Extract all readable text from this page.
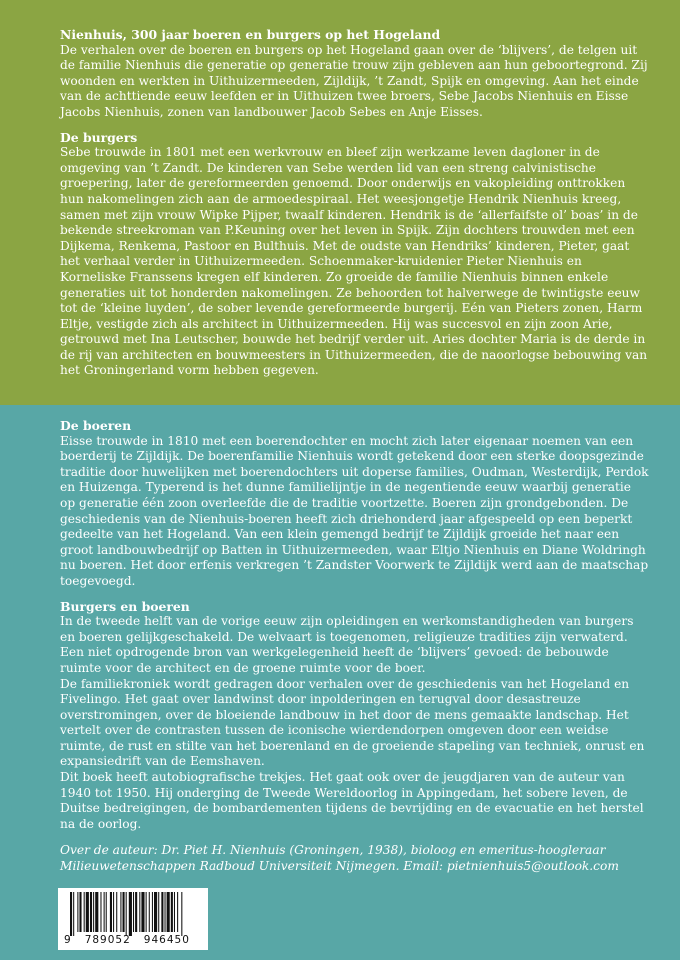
Nienhuis, 300 jaar boeren en burgers op het Hogeland

De verhalen over de boeren en burgers op het Hogeland gaan over de ‘blijvers’, de telgen uit de familie Nienhuis die generatie op generatie trouw zijn gebleven aan hun geboortegrond. Zij woonden en werkten in Uithuizermeeden, Zijldijk, ’t Zandt, Spijk en omgeving. Aan het einde van de achttiende eeuw leefden er in Uithuizen twee broers, Sebe Jacobs Nienhuis en Eisse Jacobs Nienhuis, zonen van landbouwer Jacob Sebes en Anje Eisses.

De burgers

Sebe trouwde in 1801 met een werkvrouw en bleef zijn werkzame leven dagloner in de omgeving van ’t Zandt. De kinderen van Sebe werden lid van een streng calvinistische groepering, later de gereformeerden genoemd. Door onderwijs en vakopleiding onttrokken hun nakomelingen zich aan de armoedespiraal. Het weesjongetje Hendrik Nienhuis kreeg, samen met zijn vrouw Wipke Pijper, twaalf kinderen. Hendrik is de ‘allerfaifste ol’ boas’ in de bekende streekroman van P.Keuning over het leven in Spijk. Zijn dochters trouwden met een Dijkema, Renkema, Pastoor en Bulthuis. Met de oudste van Hendriks’ kinderen, Pieter, gaat het verhaal verder in Uithuizermeeden. Schoenmaker-kruidenier Pieter Nienhuis en Korneliske Franssens kregen elf kinderen. Zo groeide de familie Nienhuis binnen enkele generaties uit tot honderden nakomelingen. Ze behoorden tot halverwege de twintigste eeuw tot de ‘kleine luyden’, de sober levende gereformeerde burgerij. Eén van Pieters zonen, Harm Eltje, vestigde zich als architect in Uithuizermeeden. Hij was succesvol en zijn zoon Arie, getrouwd met Ina Leutscher, bouwde het bedrijf verder uit. Aries dochter Maria is de derde in de rij van architecten en bouwmeesters in Uithuizermeeden, die de naoorlogse bebouwing van het Groningerland vorm hebben gegeven.

De boeren

Eisse trouwde in 1810 met een boerendochter en mocht zich later eigenaar noemen van een boerderij te Zijldijk. De boerenfamilie Nienhuis wordt getekend door een sterke doopsgezinde traditie door huwelijken met boerendochters uit doperse families, Oudman, Westerdijk, Perdok en Huizenga. Typerend is het dunne familielijntje in de negentiende eeuw waarbij generatie op generatie één zoon overleefde die de traditie voortzette. Boeren zijn grondgebonden. De geschiedenis van de Nienhuis-boeren heeft zich driehonderd jaar afgespeeld op een beperkt gedeelte van het Hogeland. Van een klein gemengd bedrijf te Zijldijk groeide het naar een groot landbouwbedrijf op Batten in Uithuizermeeden, waar Eltjo Nienhuis en Diane Woldringh nu boeren. Het door erfenis verkregen ’t Zandster Voorwerk te Zijldijk werd aan de maatschap toegevoegd.

Burgers en boeren

In de tweede helft van de vorige eeuw zijn opleidingen en werkomstandigheden van burgers en boeren gelijkgeschakeld. De welvaart is toegenomen, religieuze tradities zijn verwaterd. Een niet opdrogende bron van werkgelegenheid heeft de ‘blijvers’ gevoed: de bebouwde ruimte voor de architect en de groene ruimte voor de boer.

De familiekroniek wordt gedragen door verhalen over de geschiedenis van het Hogeland en Fivelingo. Het gaat over landwinst door inpolderingen en terugval door desastreuze overstromingen, over de bloeiende landbouw in het door de mens gemaakte landschap. Het vertelt over de contrasten tussen de iconische wierdendorpen omgeven door een weidse ruimte, de rust en stilte van het boerenland en de groeiende stapeling van techniek, onrust en expansiedrift van de Eemshaven.

Dit boek heeft autobiografische trekjes. Het gaat ook over de jeugdjaren van de auteur van 1940 tot 1950. Hij onderging de Tweede Wereldoorlog in Appingedam, het sobere leven, de Duitse bedreigingen, de bombardementen tijdens de bevrijding en de evacuatie en het herstel na de oorlog.

Over de auteur: Dr. Piet H. Nienhuis (Groningen, 1938), bioloog en emeritus-hoogleraar Milieuwetenschappen Radboud Universiteit Nijmegen. Email: pietnienhuis5@outlook.com

9   789052   946450
